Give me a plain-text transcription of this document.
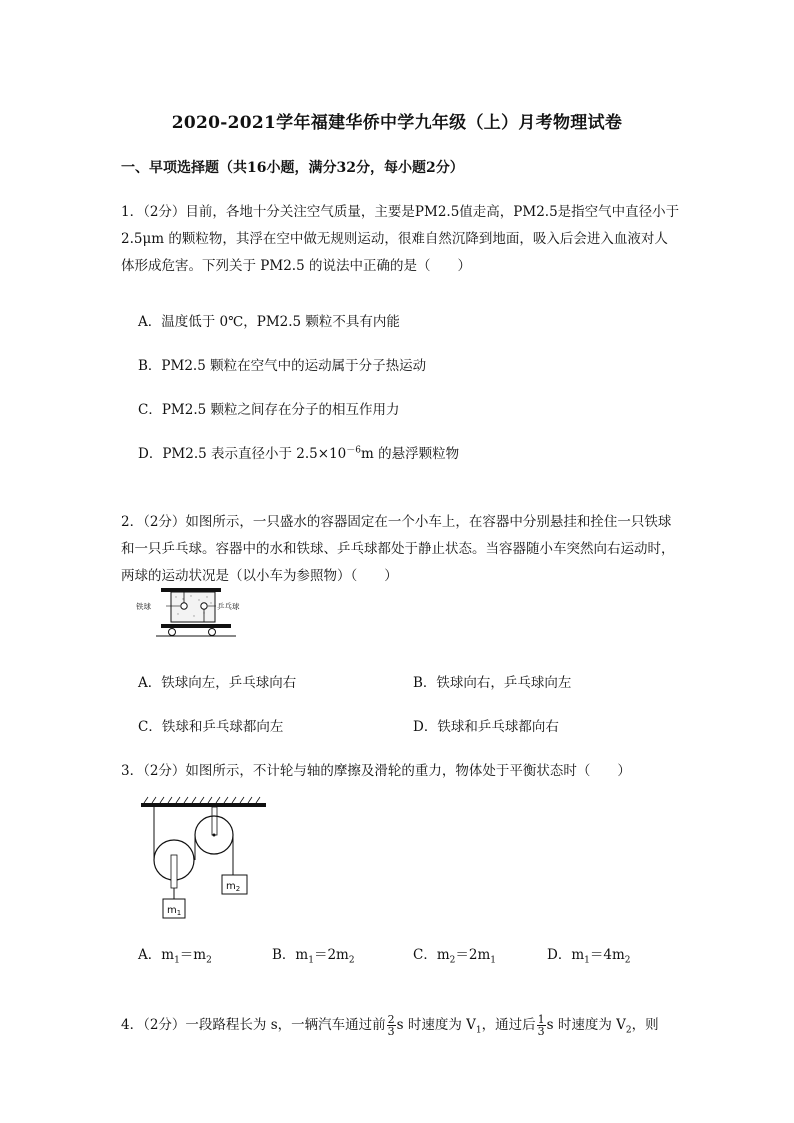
2020-2021学年福建华侨中学九年级（上）月考物理试卷
一、早项选择题（共16小题，满分32分，每小题2分）
1．（2分）目前，各地十分关注空气质量，主要是PM2.5值走高，PM2.5是指空气中直径小于 2.5μm 的颗粒物，其浮在空中做无规则运动，很难自然沉降到地面，吸入后会进入血液对人体形成危害。下列关于 PM2.5 的说法中正确的是（　　）
A．温度低于 0℃，PM2.5 颗粒不具有内能
B．PM2.5 颗粒在空气中的运动属于分子热运动
C．PM2.5 颗粒之间存在分子的相互作用力
D．PM2.5 表示直径小于 $2.5\times 10^{-6}m$ 的悬浮颗粒物
2．（2分）如图所示，一只盛水的容器固定在一个小车上，在容器中分别悬挂和拴住一只铁球和一只乒乓球。容器中的水和铁球、乒乓球都处于静止状态。当容器随小车突然向右运动时，两球的运动状况是（以小车为参照物）（　　）
铁球	乒乓球
A．铁球向左，乒乓球向右	B．铁球向右，乒乓球向左
C．铁球和乒乓球都向左	D．铁球和乒乓球都向右
3．（2分）如图所示，不计轮与轴的摩擦及滑轮的重力，物体处于平衡状态时（　　）
$m_1$
$m_2$
A．$m_1=m_2$	B．$m_1=2m_2$	C．$m_2=2m_1$	D．$m_1=4m_2$
4．（2分）一段路程长为 s，一辆汽车通过前 $\frac{2}{3}$ s 时速度为 $V_1$，通过后 $\frac{1}{3}$ s 时速度为 $V_2$，则
